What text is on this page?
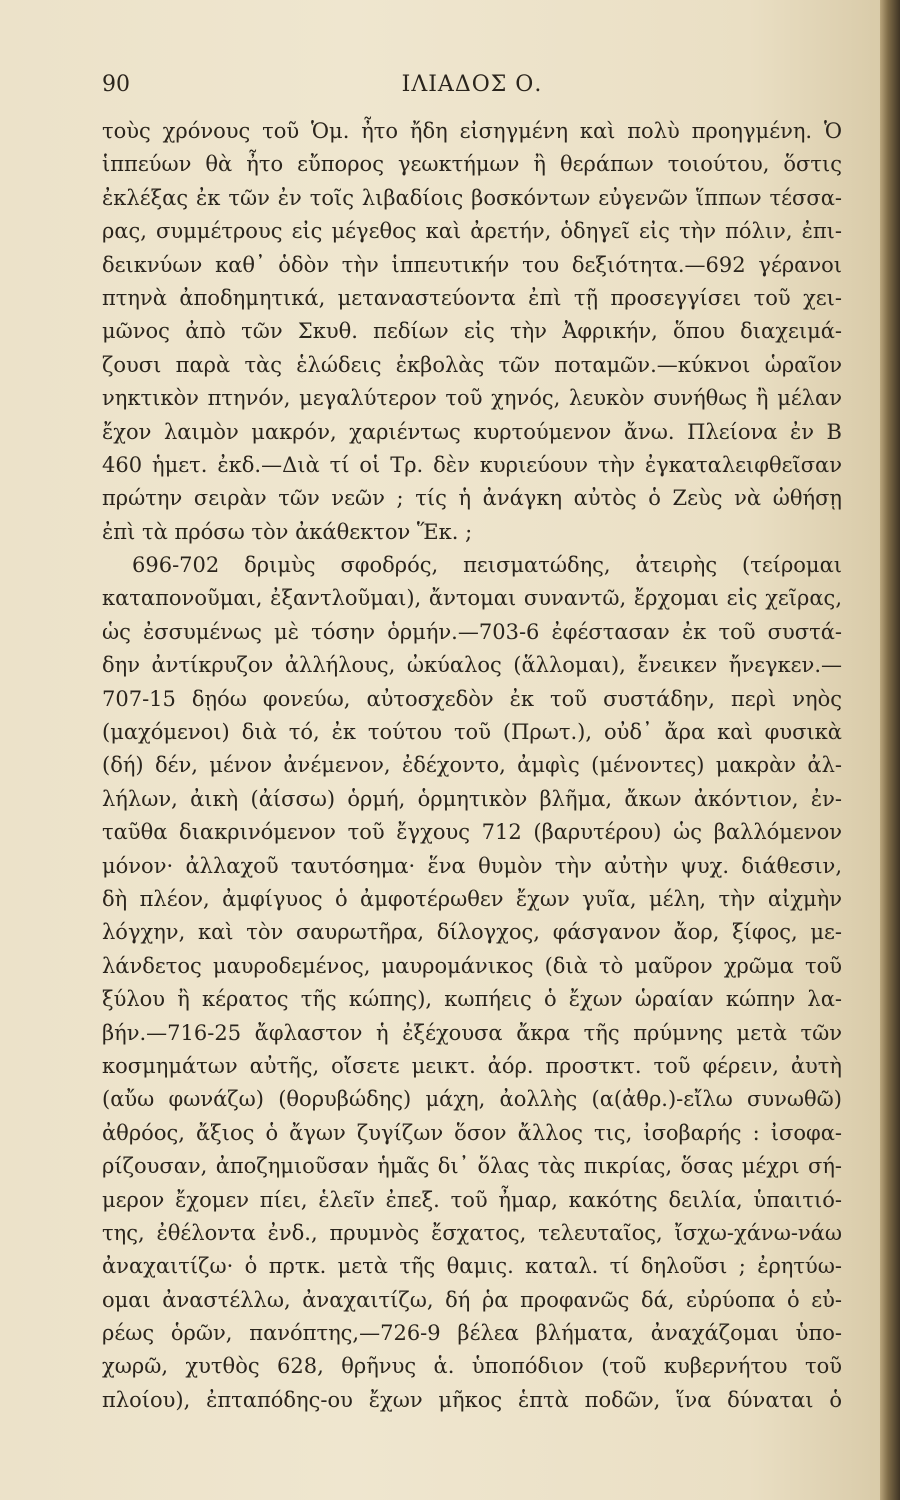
90	ΙΛΙΑΔΟΣ Ο.
τοὺς χρόνους τοῦ Ὁμ. ἦτο ἤδη εἰσηγμένη καὶ πολὺ προηγμένη. Ὁ
ἱππεύων θὰ ἦτο εὔπορος γεωκτήμων ἢ θεράπων τοιούτου, ὅστις
ἐκλέξας ἐκ τῶν ἐν τοῖς λιβαδίοις βοσκόντων εὐγενῶν ἵππων τέσσα-
ρας, συμμέτρους εἰς μέγεθος καὶ ἀρετήν, ὁδηγεῖ εἰς τὴν πόλιν, ἐπι-
δεικνύων καθ᾽ ὁδὸν τὴν ἱππευτικήν του δεξιότητα.—692 γέρανοι
πτηνὰ ἀποδημητικά, μεταναστεύοντα ἐπὶ τῇ προσεγγίσει τοῦ χει-
μῶνος ἀπὸ τῶν Σκυθ. πεδίων εἰς τὴν Ἀφρικήν, ὅπου διαχειμά-
ζουσι παρὰ τὰς ἑλώδεις ἐκβολὰς τῶν ποταμῶν.—κύκνοι ὡραῖον
νηκτικὸν πτηνόν, μεγαλύτερον τοῦ χηνός, λευκὸν συνήθως ἢ μέλαν
ἔχον λαιμὸν μακρόν, χαριέντως κυρτούμενον ἄνω. Πλείονα ἐν Β
460 ἡμετ. ἐκδ.—Διὰ τί οἱ Τρ. δὲν κυριεύουν τὴν ἐγκαταλειφθεῖσαν
πρώτην σειρὰν τῶν νεῶν ; τίς ἡ ἀνάγκη αὐτὸς ὁ Ζεὺς νὰ ὠθήσῃ
ἐπὶ τὰ πρόσω τὸν ἀκάθεκτον Ἕκ. ;
696-702 δριμὺς σφοδρός, πεισματώδης, ἀτειρὴς (τείρομαι
καταπονοῦμαι, ἐξαντλοῦμαι), ἄντομαι συναντῶ, ἔρχομαι εἰς χεῖρας,
ὡς ἐσσυμένως μὲ τόσην ὁρμήν.—703-6 ἐφέστασαν ἐκ τοῦ συστά-
δην ἀντίκρυζον ἀλλήλους, ὠκύαλος (ἅλλομαι), ἔνεικεν ἤνεγκεν.—
707-15 δῃόω φονεύω, αὐτοσχεδὸν ἐκ τοῦ συστάδην, περὶ νηὸς
(μαχόμενοι) διὰ τό, ἐκ τούτου τοῦ (Πρωτ.), οὐδ᾽ ἄρα καὶ φυσικὰ
(δή) δέν, μένον ἀνέμενον, ἐδέχοντο, ἀμφὶς (μένοντες) μακρὰν ἀλ-
λήλων, ἀικὴ (ἀίσσω) ὁρμή, ὁρμητικὸν βλῆμα, ἄκων ἀκόντιον, ἐν-
ταῦθα διακρινόμενον τοῦ ἔγχους 712 (βαρυτέρου) ὡς βαλλόμενον
μόνον· ἀλλαχοῦ ταυτόσημα· ἕνα θυμὸν τὴν αὐτὴν ψυχ. διάθεσιν,
δὴ πλέον, ἀμφίγυος ὁ ἀμφοτέρωθεν ἔχων γυῖα, μέλη, τὴν αἰχμὴν
λόγχην, καὶ τὸν σαυρωτῆρα, δίλογχος, φάσγανον ἄορ, ξίφος, με-
λάνδετος μαυροδεμένος, μαυρομάνικος (διὰ τὸ μαῦρον χρῶμα τοῦ
ξύλου ἢ κέρατος τῆς κώπης), κωπήεις ὁ ἔχων ὡραίαν κώπην λα-
βήν.—716-25 ἄφλαστον ἡ ἐξέχουσα ἄκρα τῆς πρύμνης μετὰ τῶν
κοσμημάτων αὐτῆς, οἴσετε μεικτ. ἀόρ. προστκτ. τοῦ φέρειν, ἀυτὴ
(αὔω φωνάζω) (θορυβώδης) μάχη, ἀολλὴς (α(ἀθρ.)-εἴλω συνωθῶ)
ἀθρόος, ἄξιος ὁ ἄγων ζυγίζων ὅσον ἄλλος τις, ἰσοβαρής : ἰσοφα-
ρίζουσαν, ἀποζημιοῦσαν ἡμᾶς δι᾽ ὅλας τὰς πικρίας, ὅσας μέχρι σή-
μερον ἔχομεν πίει, ἑλεῖν ἐπεξ. τοῦ ἦμαρ, κακότης δειλία, ὑπαιτιό-
της, ἐθέλοντα ἐνδ., πρυμνὸς ἔσχατος, τελευταῖος, ἴσχω-χάνω-νάω
ἀναχαιτίζω· ὁ πρτκ. μετὰ τῆς θαμις. καταλ. τί δηλοῦσι ; ἐρητύω-
ομαι ἀναστέλλω, ἀναχαιτίζω, δή ῥα προφανῶς δά, εὐρύοπα ὁ εὐ-
ρέως ὁρῶν, πανόπτης,—726-9 βέλεα βλήματα, ἀναχάζομαι ὑπο-
χωρῶ, χυτθὸς 628, θρῆνυς ἁ. ὑποπόδιον (τοῦ κυβερνήτου τοῦ
πλοίου), ἐπταπόδης-ου ἔχων μῆκος ἑπτὰ ποδῶν, ἵνα δύναται ὁ
